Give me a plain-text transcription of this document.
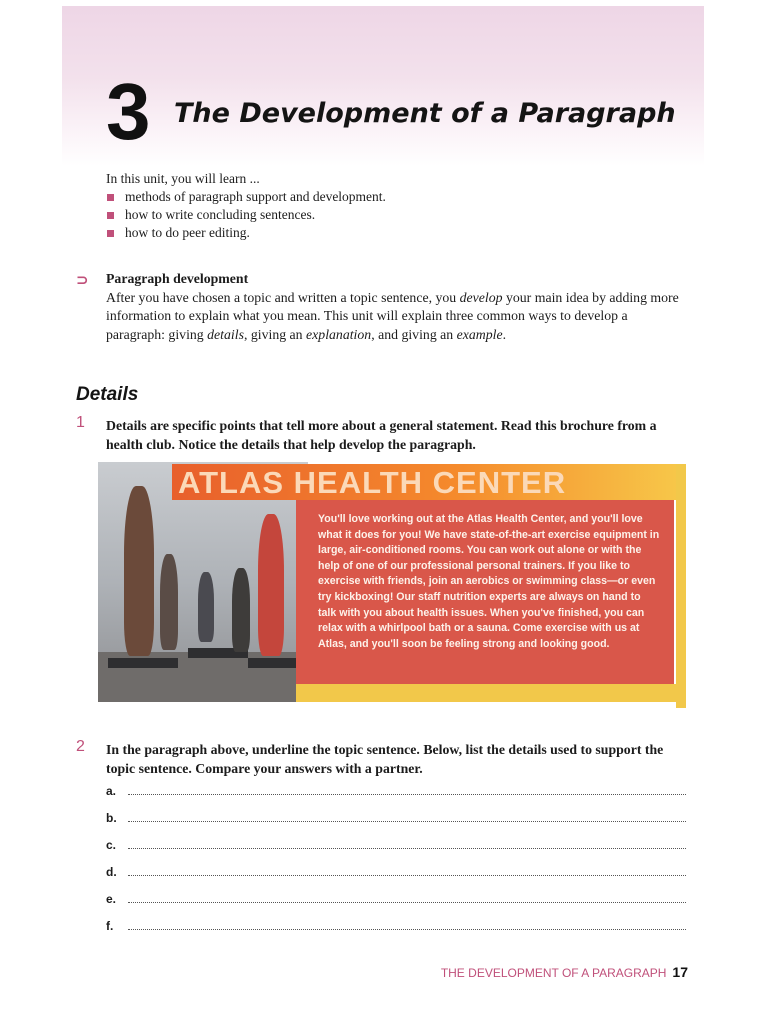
3 The Development of a Paragraph
In this unit, you will learn ...
methods of paragraph support and development.
how to write concluding sentences.
how to do peer editing.
⊃ Paragraph development
After you have chosen a topic and written a topic sentence, you develop your main idea by adding more information to explain what you mean. This unit will explain three common ways to develop a paragraph: giving details, giving an explanation, and giving an example.
Details
1 Details are specific points that tell more about a general statement. Read this brochure from a health club. Notice the details that help develop the paragraph.
ATLAS HEALTH CENTER

You'll love working out at the Atlas Health Center, and you'll love what it does for you! We have state-of-the-art exercise equipment in large, air-conditioned rooms. You can work out alone or with the help of one of our professional personal trainers. If you like to exercise with friends, join an aerobics or swimming class—or even try kickboxing! Our staff nutrition experts are always on hand to talk with you about health issues. When you've finished, you can relax with a whirlpool bath or a sauna. Come exercise with us at Atlas, and you'll soon be feeling strong and looking good.

2 In the paragraph above, underline the topic sentence. Below, list the details used to support the topic sentence. Compare your answers with a partner.
a.
b.
c.
d.
e.
f.
THE DEVELOPMENT OF A PARAGRAPH 17
